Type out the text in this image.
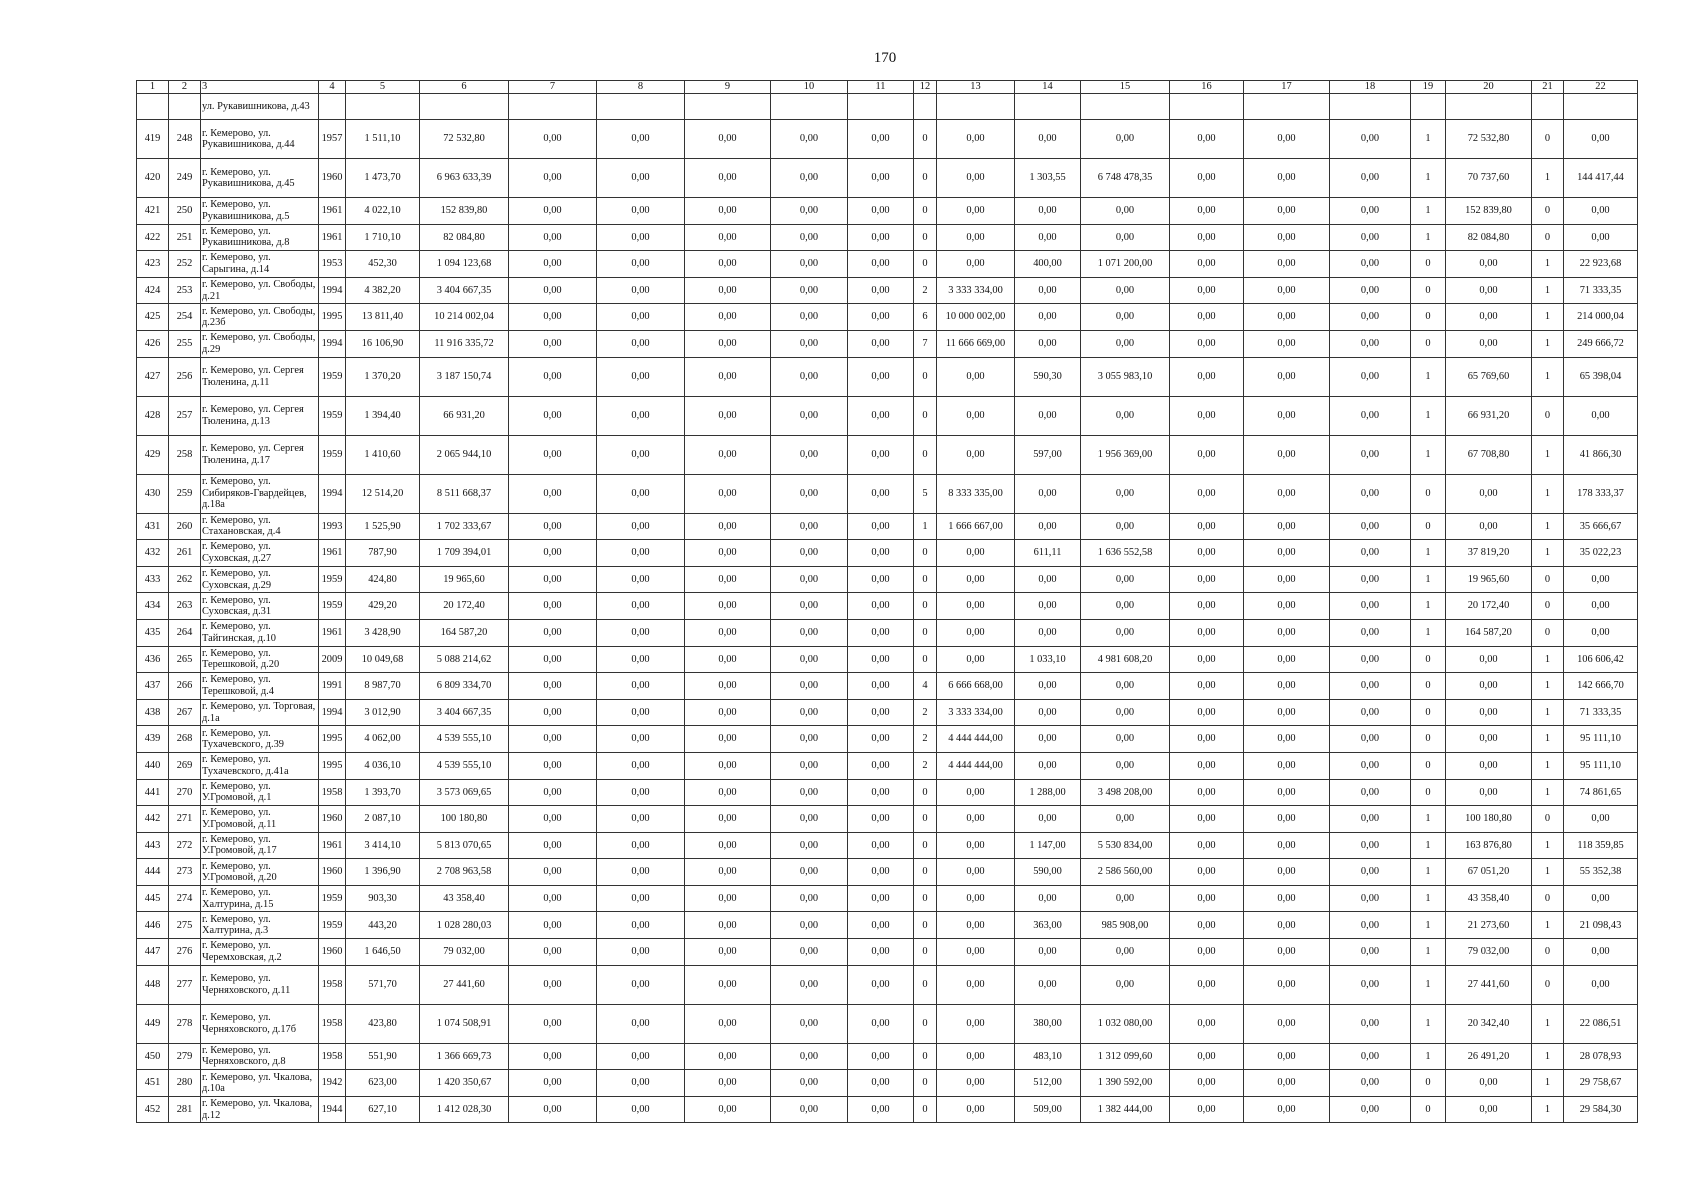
170
1	2	3	4	5	6	7	8	9	10	11	12	13	14	15	16	17	18	19	20	21	22
		ул. Рукавишникова, д.43																			
419	248	г. Кемерово, ул. Рукавишникова, д.44	1957	1 511,10	72 532,80	0,00	0,00	0,00	0,00	0,00	0	0,00	0,00	0,00	0,00	0,00	0,00	1	72 532,80	0	0,00
420	249	г. Кемерово, ул. Рукавишникова, д.45	1960	1 473,70	6 963 633,39	0,00	0,00	0,00	0,00	0,00	0	0,00	1 303,55	6 748 478,35	0,00	0,00	0,00	1	70 737,60	1	144 417,44
421	250	г. Кемерово, ул. Рукавишникова, д.5	1961	4 022,10	152 839,80	0,00	0,00	0,00	0,00	0,00	0	0,00	0,00	0,00	0,00	0,00	0,00	1	152 839,80	0	0,00
422	251	г. Кемерово, ул. Рукавишникова, д.8	1961	1 710,10	82 084,80	0,00	0,00	0,00	0,00	0,00	0	0,00	0,00	0,00	0,00	0,00	0,00	1	82 084,80	0	0,00
423	252	г. Кемерово, ул. Сарыгина, д.14	1953	452,30	1 094 123,68	0,00	0,00	0,00	0,00	0,00	0	0,00	400,00	1 071 200,00	0,00	0,00	0,00	0	0,00	1	22 923,68
424	253	г. Кемерово, ул. Свободы, д.21	1994	4 382,20	3 404 667,35	0,00	0,00	0,00	0,00	0,00	2	3 333 334,00	0,00	0,00	0,00	0,00	0,00	0	0,00	1	71 333,35
425	254	г. Кемерово, ул. Свободы, д.23б	1995	13 811,40	10 214 002,04	0,00	0,00	0,00	0,00	0,00	6	10 000 002,00	0,00	0,00	0,00	0,00	0,00	0	0,00	1	214 000,04
426	255	г. Кемерово, ул. Свободы, д.29	1994	16 106,90	11 916 335,72	0,00	0,00	0,00	0,00	0,00	7	11 666 669,00	0,00	0,00	0,00	0,00	0,00	0	0,00	1	249 666,72
427	256	г. Кемерово, ул. Сергея Тюленина, д.11	1959	1 370,20	3 187 150,74	0,00	0,00	0,00	0,00	0,00	0	0,00	590,30	3 055 983,10	0,00	0,00	0,00	1	65 769,60	1	65 398,04
428	257	г. Кемерово, ул. Сергея Тюленина, д.13	1959	1 394,40	66 931,20	0,00	0,00	0,00	0,00	0,00	0	0,00	0,00	0,00	0,00	0,00	0,00	1	66 931,20	0	0,00
429	258	г. Кемерово, ул. Сергея Тюленина, д.17	1959	1 410,60	2 065 944,10	0,00	0,00	0,00	0,00	0,00	0	0,00	597,00	1 956 369,00	0,00	0,00	0,00	1	67 708,80	1	41 866,30
430	259	г. Кемерово, ул. Сибиряков-Гвардейцев, д.18а	1994	12 514,20	8 511 668,37	0,00	0,00	0,00	0,00	0,00	5	8 333 335,00	0,00	0,00	0,00	0,00	0,00	0	0,00	1	178 333,37
431	260	г. Кемерово, ул. Стахановская, д.4	1993	1 525,90	1 702 333,67	0,00	0,00	0,00	0,00	0,00	1	1 666 667,00	0,00	0,00	0,00	0,00	0,00	0	0,00	1	35 666,67
432	261	г. Кемерово, ул. Суховская, д.27	1961	787,90	1 709 394,01	0,00	0,00	0,00	0,00	0,00	0	0,00	611,11	1 636 552,58	0,00	0,00	0,00	1	37 819,20	1	35 022,23
433	262	г. Кемерово, ул. Суховская, д.29	1959	424,80	19 965,60	0,00	0,00	0,00	0,00	0,00	0	0,00	0,00	0,00	0,00	0,00	0,00	1	19 965,60	0	0,00
434	263	г. Кемерово, ул. Суховская, д.31	1959	429,20	20 172,40	0,00	0,00	0,00	0,00	0,00	0	0,00	0,00	0,00	0,00	0,00	0,00	1	20 172,40	0	0,00
435	264	г. Кемерово, ул. Тайгинская, д.10	1961	3 428,90	164 587,20	0,00	0,00	0,00	0,00	0,00	0	0,00	0,00	0,00	0,00	0,00	0,00	1	164 587,20	0	0,00
436	265	г. Кемерово, ул. Терешковой, д.20	2009	10 049,68	5 088 214,62	0,00	0,00	0,00	0,00	0,00	0	0,00	1 033,10	4 981 608,20	0,00	0,00	0,00	0	0,00	1	106 606,42
437	266	г. Кемерово, ул. Терешковой, д.4	1991	8 987,70	6 809 334,70	0,00	0,00	0,00	0,00	0,00	4	6 666 668,00	0,00	0,00	0,00	0,00	0,00	0	0,00	1	142 666,70
438	267	г. Кемерово, ул. Торговая, д.1а	1994	3 012,90	3 404 667,35	0,00	0,00	0,00	0,00	0,00	2	3 333 334,00	0,00	0,00	0,00	0,00	0,00	0	0,00	1	71 333,35
439	268	г. Кемерово, ул. Тухачевского, д.39	1995	4 062,00	4 539 555,10	0,00	0,00	0,00	0,00	0,00	2	4 444 444,00	0,00	0,00	0,00	0,00	0,00	0	0,00	1	95 111,10
440	269	г. Кемерово, ул. Тухачевского, д.41а	1995	4 036,10	4 539 555,10	0,00	0,00	0,00	0,00	0,00	2	4 444 444,00	0,00	0,00	0,00	0,00	0,00	0	0,00	1	95 111,10
441	270	г. Кемерово, ул. У.Громовой, д.1	1958	1 393,70	3 573 069,65	0,00	0,00	0,00	0,00	0,00	0	0,00	1 288,00	3 498 208,00	0,00	0,00	0,00	0	0,00	1	74 861,65
442	271	г. Кемерово, ул. У.Громовой, д.11	1960	2 087,10	100 180,80	0,00	0,00	0,00	0,00	0,00	0	0,00	0,00	0,00	0,00	0,00	0,00	1	100 180,80	0	0,00
443	272	г. Кемерово, ул. У.Громовой, д.17	1961	3 414,10	5 813 070,65	0,00	0,00	0,00	0,00	0,00	0	0,00	1 147,00	5 530 834,00	0,00	0,00	0,00	1	163 876,80	1	118 359,85
444	273	г. Кемерово, ул. У.Громовой, д.20	1960	1 396,90	2 708 963,58	0,00	0,00	0,00	0,00	0,00	0	0,00	590,00	2 586 560,00	0,00	0,00	0,00	1	67 051,20	1	55 352,38
445	274	г. Кемерово, ул. Халтурина, д.15	1959	903,30	43 358,40	0,00	0,00	0,00	0,00	0,00	0	0,00	0,00	0,00	0,00	0,00	0,00	1	43 358,40	0	0,00
446	275	г. Кемерово, ул. Халтурина, д.3	1959	443,20	1 028 280,03	0,00	0,00	0,00	0,00	0,00	0	0,00	363,00	985 908,00	0,00	0,00	0,00	1	21 273,60	1	21 098,43
447	276	г. Кемерово, ул. Черемховская, д.2	1960	1 646,50	79 032,00	0,00	0,00	0,00	0,00	0,00	0	0,00	0,00	0,00	0,00	0,00	0,00	1	79 032,00	0	0,00
448	277	г. Кемерово, ул. Черняховского, д.11	1958	571,70	27 441,60	0,00	0,00	0,00	0,00	0,00	0	0,00	0,00	0,00	0,00	0,00	0,00	1	27 441,60	0	0,00
449	278	г. Кемерово, ул. Черняховского, д.17б	1958	423,80	1 074 508,91	0,00	0,00	0,00	0,00	0,00	0	0,00	380,00	1 032 080,00	0,00	0,00	0,00	1	20 342,40	1	22 086,51
450	279	г. Кемерово, ул. Черняховского, д.8	1958	551,90	1 366 669,73	0,00	0,00	0,00	0,00	0,00	0	0,00	483,10	1 312 099,60	0,00	0,00	0,00	1	26 491,20	1	28 078,93
451	280	г. Кемерово, ул. Чкалова, д.10а	1942	623,00	1 420 350,67	0,00	0,00	0,00	0,00	0,00	0	0,00	512,00	1 390 592,00	0,00	0,00	0,00	0	0,00	1	29 758,67
452	281	г. Кемерово, ул. Чкалова, д.12	1944	627,10	1 412 028,30	0,00	0,00	0,00	0,00	0,00	0	0,00	509,00	1 382 444,00	0,00	0,00	0,00	0	0,00	1	29 584,30
